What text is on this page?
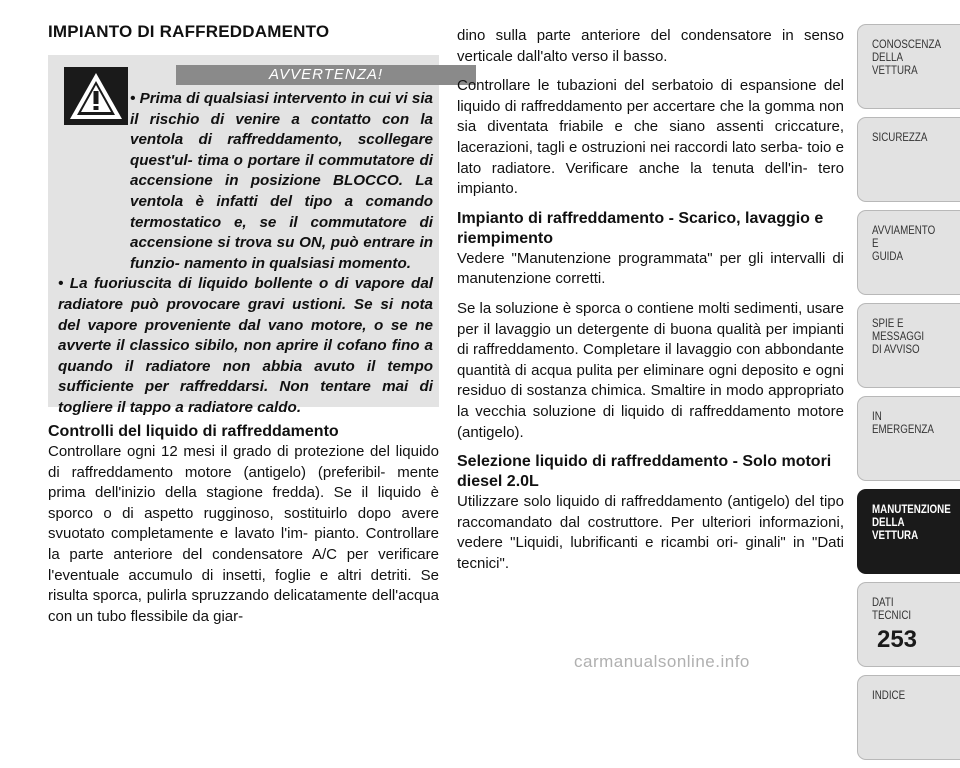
IMPIANTO DI RAFFREDDAMENTO
AVVERTENZA!

• Prima di qualsiasi intervento in cui vi sia il rischio di venire a contatto con la ventola di raffreddamento, scollegare quest'ul- tima o portare il commutatore di accensione in posizione BLOCCO. La ventola è infatti del tipo a comando termostatico e, se il commutatore di accensione si trova su ON, può entrare in funzio- namento in qualsiasi momento.

• La fuoriuscita di liquido bollente o di vapore dal radiatore può provocare gravi ustioni. Se si nota del vapore proveniente dal vano motore, o se ne avverte il classico sibilo, non aprire il cofano fino a quando il radiatore non abbia avuto il tempo sufficiente per raffreddarsi. Non tentare mai di togliere il tappo a radiatore caldo.

Controlli del liquido di raffreddamento

Controllare ogni 12 mesi il grado di protezione del liquido di raffreddamento motore (antigelo) (preferibil- mente prima dell'inizio della stagione fredda). Se il liquido è sporco o di aspetto rugginoso, sostituirlo dopo avere svuotato completamente e lavato l'im- pianto. Controllare la parte anteriore del condensatore A/C per verificare l'eventuale accumulo di insetti, foglie e altri detriti. Se risulta sporca, pulirla spruzzando delicatamente dell'acqua con un tubo flessibile da giar-

dino sulla parte anteriore del condensatore in senso verticale dall'alto verso il basso.

Controllare le tubazioni del serbatoio di espansione del liquido di raffreddamento per accertare che la gomma non sia diventata friabile e che siano assenti criccature, lacerazioni, tagli e ostruzioni nei raccordi lato serba- toio e lato radiatore. Verificare anche la tenuta dell'in- tero impianto.

Impianto di raffreddamento - Scarico, lavaggio e riempimento

Vedere "Manutenzione programmata" per gli intervalli di manutenzione corretti.

Se la soluzione è sporca o contiene molti sedimenti, usare per il lavaggio un detergente di buona qualità per impianti di raffreddamento. Completare il lavaggio con abbondante quantità di acqua pulita per eliminare ogni deposito e ogni residuo di sostanza chimica. Smaltire in modo appropriato la vecchia soluzione di liquido di raffreddamento motore (antigelo).

Selezione liquido di raffreddamento - Solo motori diesel 2.0L

Utilizzare solo liquido di raffreddamento (antigelo) del tipo raccomandato dal costruttore. Per ulteriori informazioni, vedere "Liquidi, lubrificanti e ricambi ori- ginali" in "Dati tecnici".

CONOSCENZA
DELLA
VETTURA
SICUREZZA
AVVIAMENTO
E
GUIDA
SPIE E
MESSAGGI
DI AVVISO
IN
EMERGENZA
MANUTENZIONE
DELLA
VETTURA
DATI
TECNICI
INDICE
253
carmanualsonline.info
